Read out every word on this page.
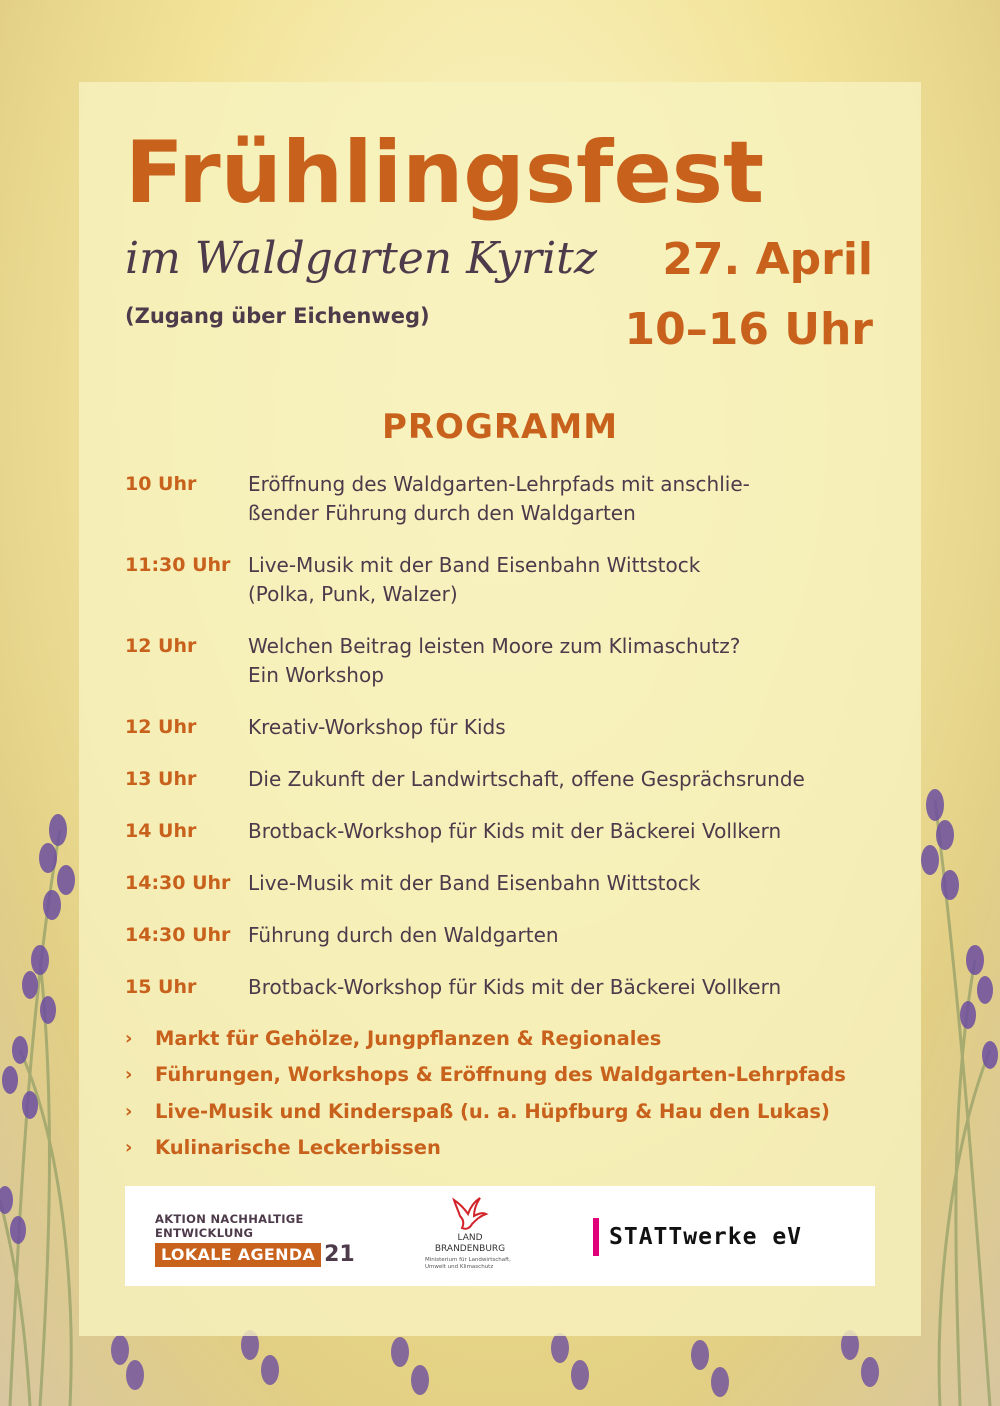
Frühlingsfest
im Waldgarten Kyritz
(Zugang über Eichenweg)
27. April
10–16 Uhr
PROGRAMM
10 Uhr	Eröffnung des Waldgarten-Lehrpfads mit anschlie-
ßender Führung durch den Waldgarten
11:30 Uhr Live-Musik mit der Band Eisenbahn Wittstock
(Polka, Punk, Walzer)
12 Uhr	Welchen Beitrag leisten Moore zum Klimaschutz?
Ein Workshop
12 Uhr	Kreativ-Workshop für Kids
13 Uhr	Die Zukunft der Landwirtschaft, offene Gesprächsrunde
14 Uhr	Brotback-Workshop für Kids mit der Bäckerei Vollkern
14:30 Uhr Live-Musik mit der Band Eisenbahn Wittstock
14:30 Uhr Führung durch den Waldgarten
15 Uhr	Brotback-Workshop für Kids mit der Bäckerei Vollkern
›	Markt für Gehölze, Jungpflanzen & Regionales
›	Führungen, Workshops & Eröffnung des Waldgarten-Lehrpfads
›	Live-Musik und Kinderspaß (u. a. Hüpfburg & Hau den Lukas)
›	Kulinarische Leckerbissen
AKTION NACHHALTIGE ENTWICKLUNG
LOKALE AGENDA 21
LAND
BRANDENBURG
Ministerium für Landwirtschaft, Umwelt und Klimaschutz
STATTwerke eV
